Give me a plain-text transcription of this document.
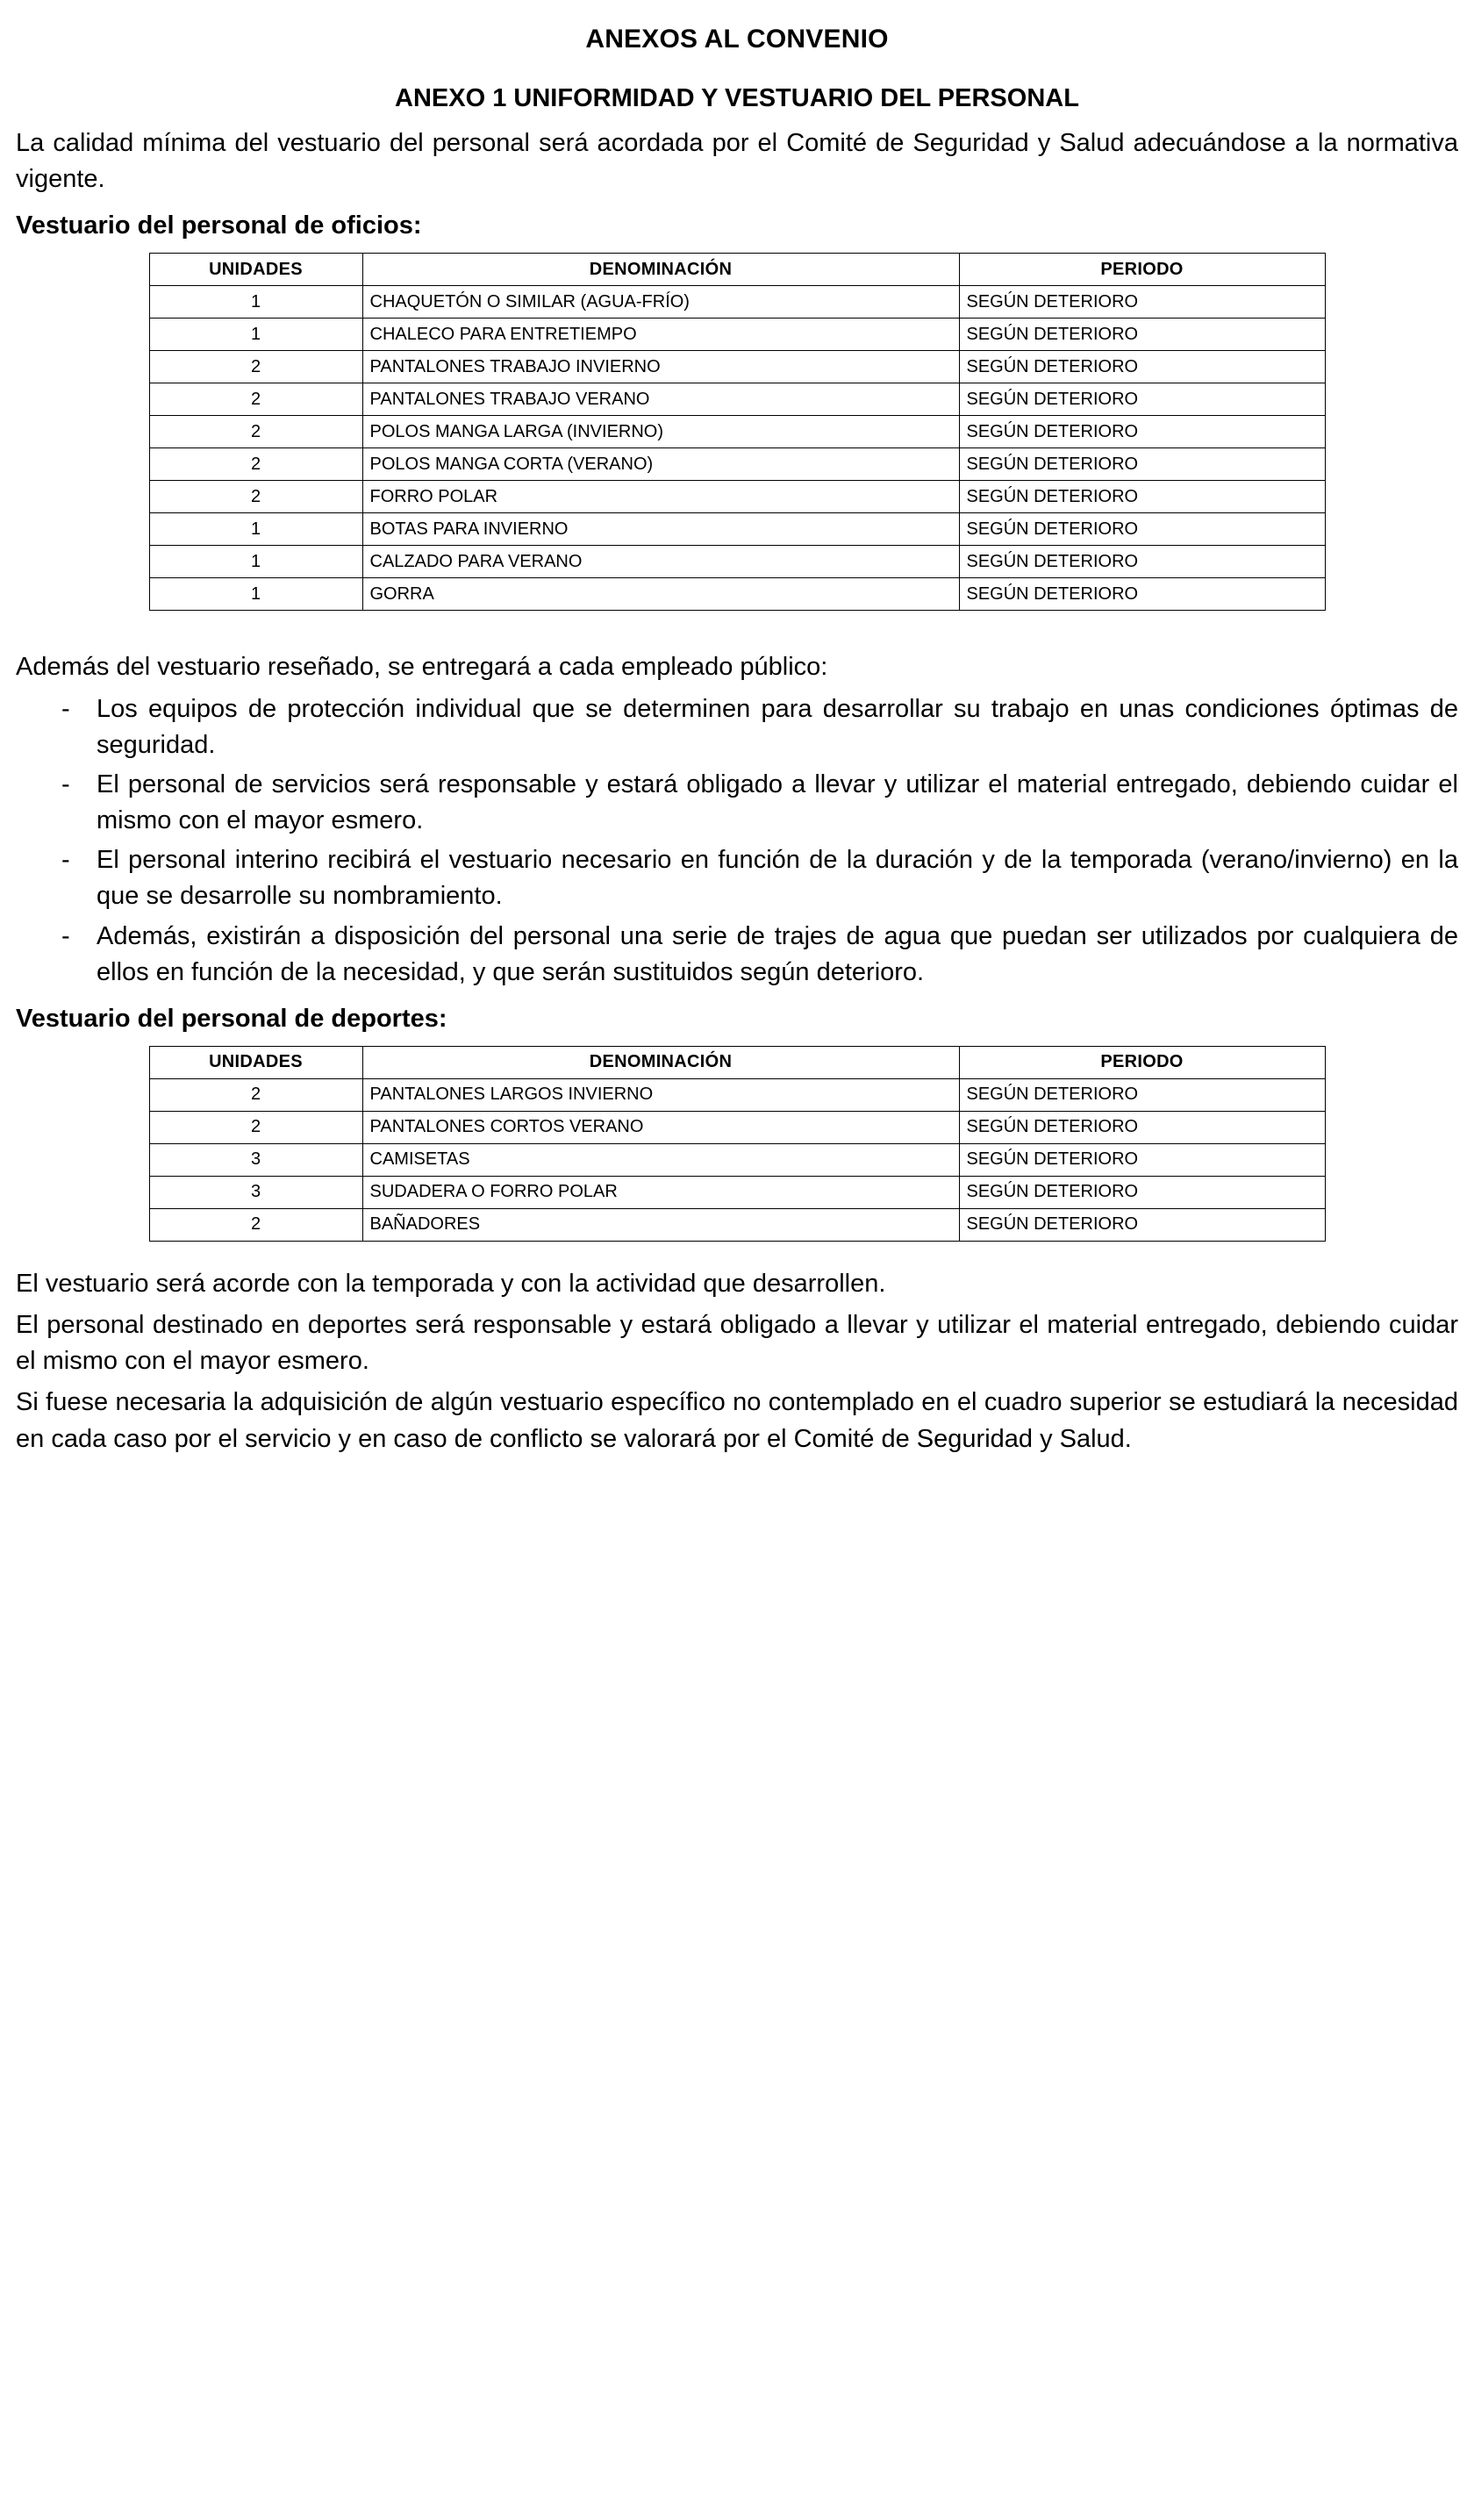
ANEXOS AL CONVENIO
ANEXO 1 UNIFORMIDAD Y VESTUARIO DEL PERSONAL

La calidad mínima del vestuario del personal será acordada por el Comité de Seguridad y Salud adecuándose a la normativa vigente.

Vestuario del personal de oficios:
UNIDADES	DENOMINACIÓN	PERIODO
1	CHAQUETÓN O SIMILAR (AGUA-FRÍO)	SEGÚN DETERIORO
1	CHALECO PARA ENTRETIEMPO	SEGÚN DETERIORO
2	PANTALONES TRABAJO INVIERNO	SEGÚN DETERIORO
2	PANTALONES TRABAJO VERANO	SEGÚN DETERIORO
2	POLOS MANGA LARGA (INVIERNO)	SEGÚN DETERIORO
2	POLOS MANGA CORTA (VERANO)	SEGÚN DETERIORO
2	FORRO POLAR	SEGÚN DETERIORO
1	BOTAS PARA INVIERNO	SEGÚN DETERIORO
1	CALZADO PARA VERANO	SEGÚN DETERIORO
1	GORRA	SEGÚN DETERIORO

Además del vestuario reseñado, se entregará a cada empleado público:

- Los equipos de protección individual que se determinen para desarrollar su trabajo en unas condiciones óptimas de seguridad.
- El personal de servicios será responsable y estará obligado a llevar y utilizar el material entregado, debiendo cuidar el mismo con el mayor esmero.
- El personal interino recibirá el vestuario necesario en función de la duración y de la temporada (verano/invierno) en la que se desarrolle su nombramiento.
- Además, existirán a disposición del personal una serie de trajes de agua que puedan ser utilizados por cualquiera de ellos en función de la necesidad, y que serán sustituidos según deterioro.
Vestuario del personal de deportes:
UNIDADES	DENOMINACIÓN	PERIODO
2	PANTALONES LARGOS INVIERNO	SEGÚN DETERIORO
2	PANTALONES CORTOS VERANO	SEGÚN DETERIORO
3	CAMISETAS	SEGÚN DETERIORO
3	SUDADERA O FORRO POLAR	SEGÚN DETERIORO
2	BAÑADORES	SEGÚN DETERIORO

El vestuario será acorde con la temporada y con la actividad que desarrollen.

El personal destinado en deportes será responsable y estará obligado a llevar y utilizar el material entregado, debiendo cuidar el mismo con el mayor esmero.

Si fuese necesaria la adquisición de algún vestuario específico no contemplado en el cuadro superior se estudiará la necesidad en cada caso por el servicio y en caso de conflicto se valorará por el Comité de Seguridad y Salud.
